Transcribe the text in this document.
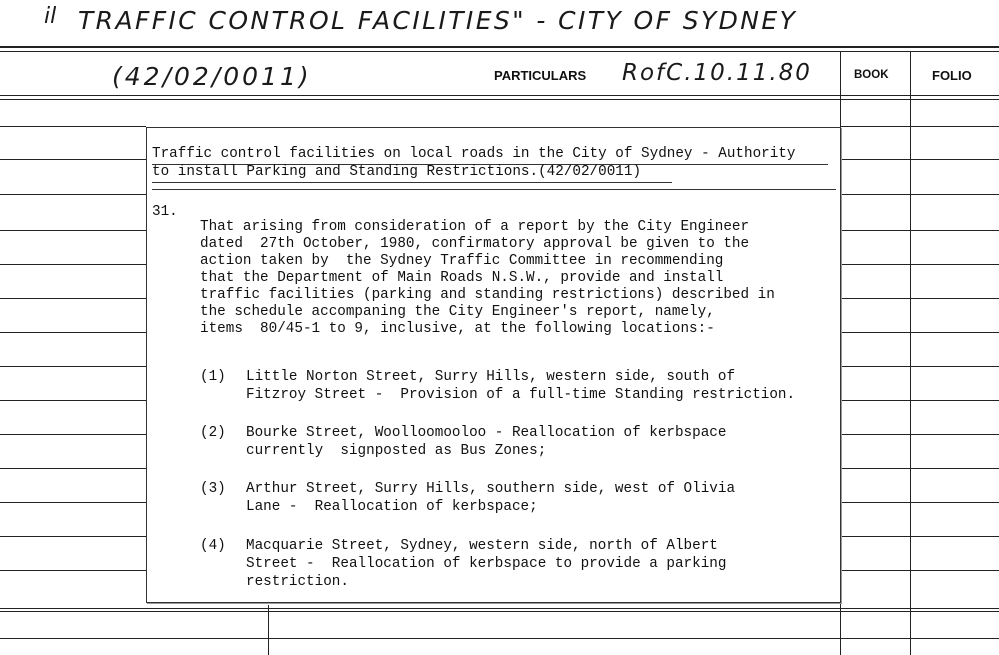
il TRAFFIC CONTROL FACILITIES" - CITY OF SYDNEY
(42/02/0011)	PARTICULARS RofC.10.11.80	BOOK	FOLIO
Traffic control facilities on local roads in the City of Sydney - Authority
to install Parking and Standing Restrictions.(42/02/0011)
31.
That arising from consideration of a report by the City Engineer
dated  27th October, 1980, confirmatory approval be given to the
action taken by  the Sydney Traffic Committee in recommending
that the Department of Main Roads N.S.W., provide and install
traffic facilities (parking and standing restrictions) described in
the schedule accompaning the City Engineer's report, namely,
items  80/45-1 to 9, inclusive, at the following locations:-
(1) Little Norton Street, Surry Hills, western side, south of
Fitzroy Street -  Provision of a full-time Standing restriction.
(2) Bourke Street, Woolloomooloo - Reallocation of kerbspace
currently  signposted as Bus Zones;
(3) Arthur Street, Surry Hills, southern side, west of Olivia
Lane -  Reallocation of kerbspace;
(4) Macquarie Street, Sydney, western side, north of Albert
Street -  Reallocation of kerbspace to provide a parking
restriction.
